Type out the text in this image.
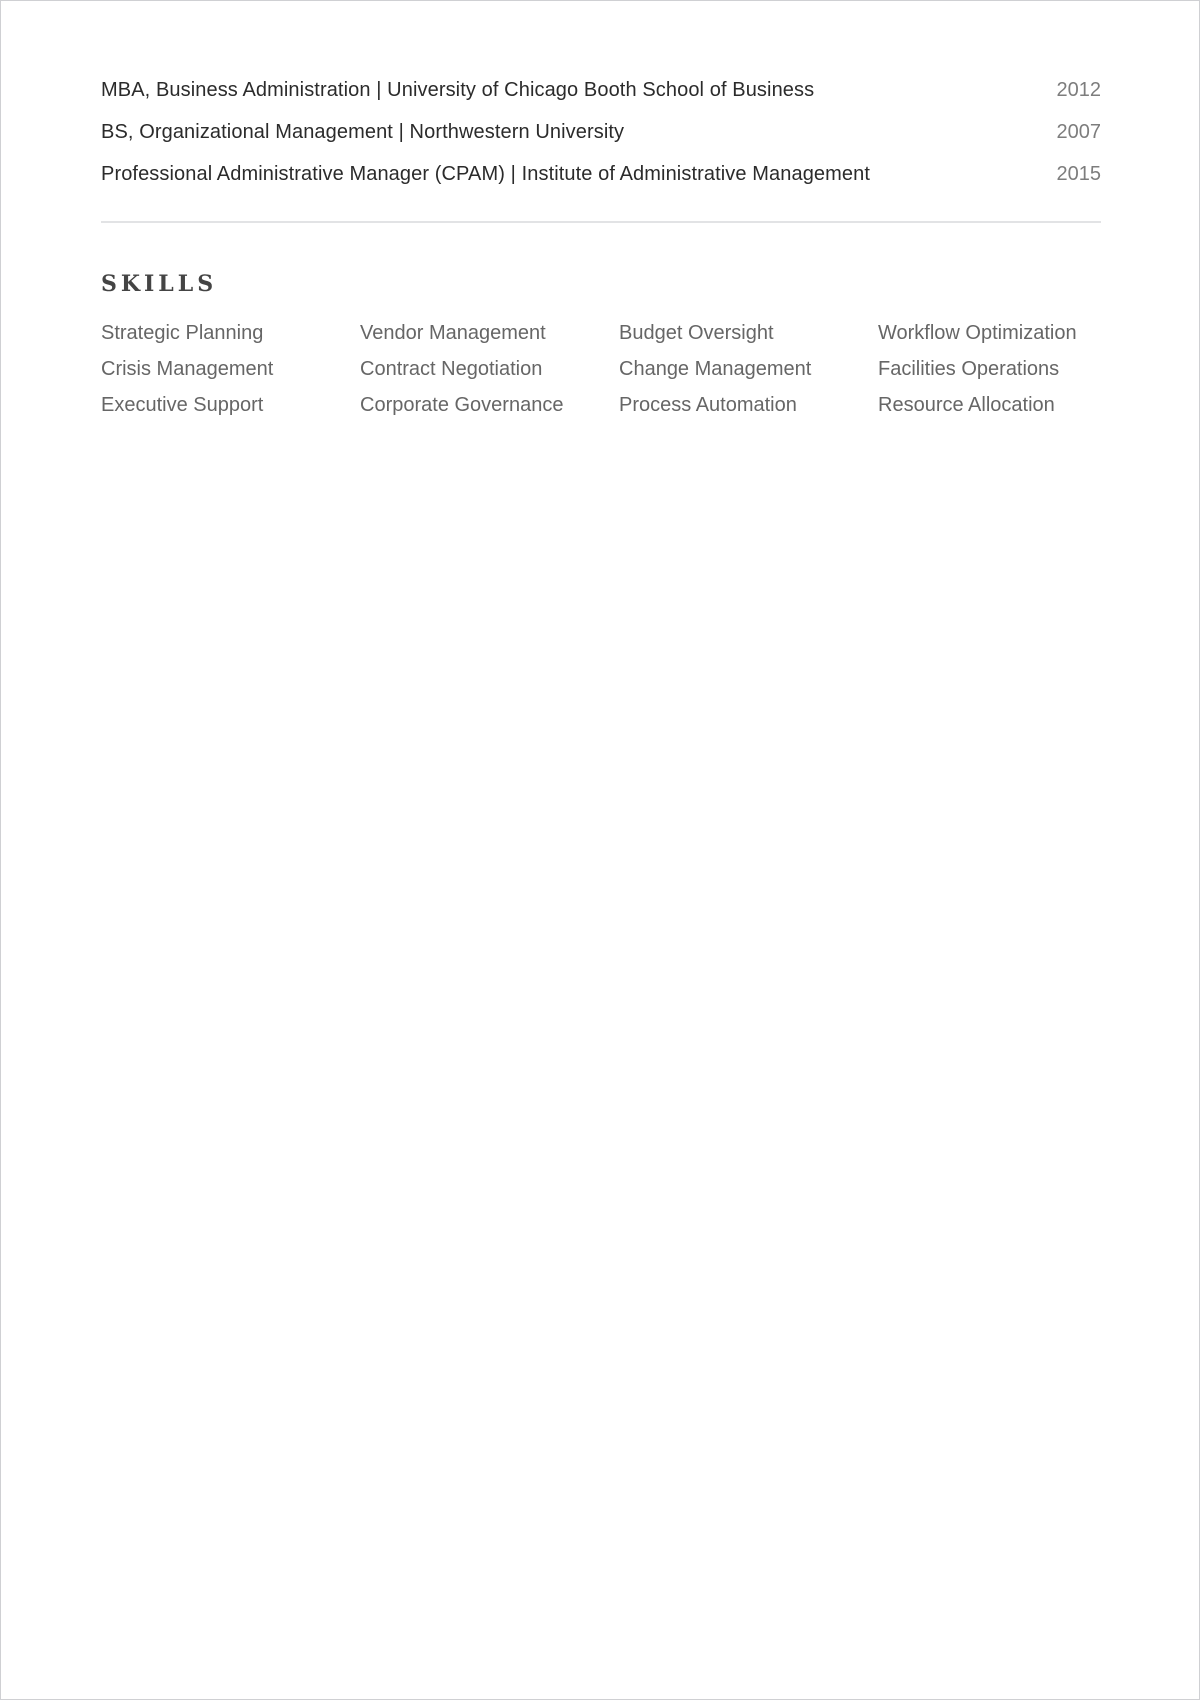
MBA, Business Administration | University of Chicago Booth School of Business	2012
BS, Organizational Management | Northwestern University	2007
Professional Administrative Manager (CPAM) | Institute of Administrative Management	2015
SKILLS
Strategic Planning	Vendor Management	Budget Oversight	Workflow Optimization
Crisis Management	Contract Negotiation	Change Management	Facilities Operations
Executive Support	Corporate Governance	Process Automation	Resource Allocation
